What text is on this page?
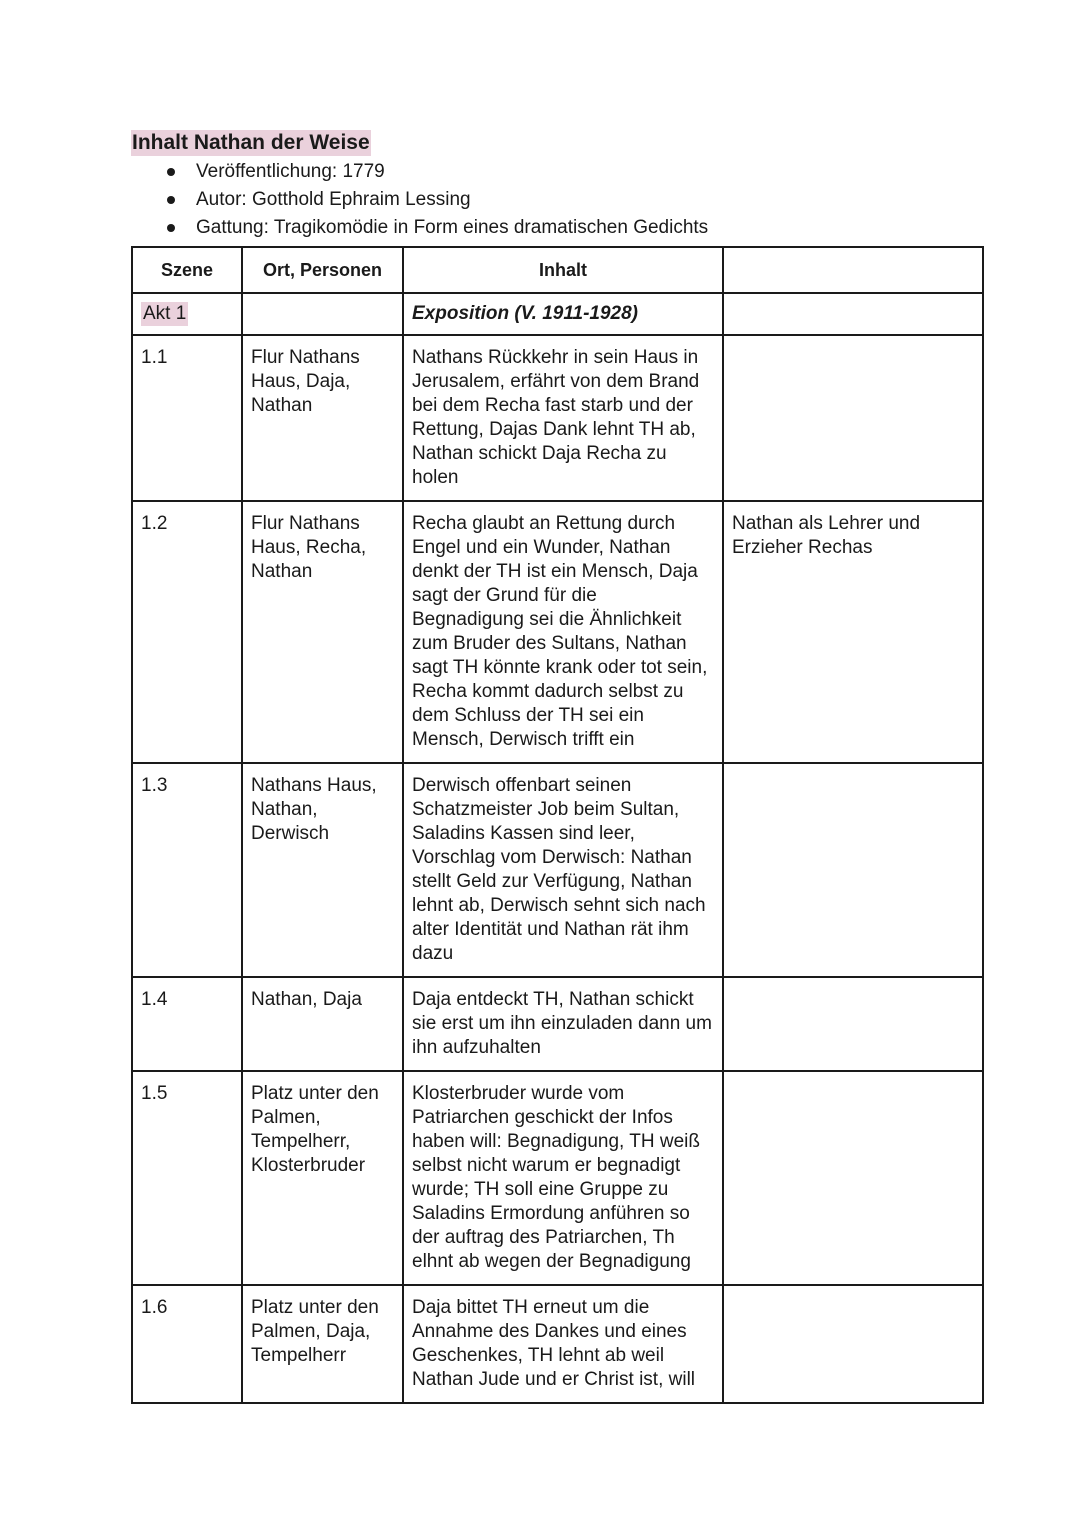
Inhalt Nathan der Weise
Veröffentlichung: 1779
Autor: Gotthold Ephraim Lessing
Gattung: Tragikomödie in Form eines dramatischen Gedichts
Szene	Ort, Personen	Inhalt	
Akt 1		Exposition (V. 1911-1928)	
1.1	Flur Nathans Haus, Daja, Nathan	Nathans Rückkehr in sein Haus in Jerusalem, erfährt von dem Brand bei dem Recha fast starb und der Rettung, Dajas Dank lehnt TH ab, Nathan schickt Daja Recha zu holen	
1.2	Flur Nathans Haus, Recha, Nathan	Recha glaubt an Rettung durch Engel und ein Wunder, Nathan denkt der TH ist ein Mensch, Daja sagt der Grund für die Begnadigung sei die Ähnlichkeit zum Bruder des Sultans, Nathan sagt TH könnte krank oder tot sein, Recha kommt dadurch selbst zu dem Schluss der TH sei ein Mensch, Derwisch trifft ein	Nathan als Lehrer und Erzieher Rechas
1.3	Nathans Haus, Nathan, Derwisch	Derwisch offenbart seinen Schatzmeister Job beim Sultan, Saladins Kassen sind leer, Vorschlag vom Derwisch: Nathan stellt Geld zur Verfügung, Nathan lehnt ab, Derwisch sehnt sich nach alter Identität und Nathan rät ihm dazu	
1.4	Nathan, Daja	Daja entdeckt TH, Nathan schickt sie erst um ihn einzuladen dann um ihn aufzuhalten	
1.5	Platz unter den Palmen, Tempelherr, Klosterbruder	Klosterbruder wurde vom Patriarchen geschickt der Infos haben will: Begnadigung, TH weiß selbst nicht warum er begnadigt wurde; TH soll eine Gruppe zu Saladins Ermordung anführen so der auftrag des Patriarchen, Th elhnt ab wegen der Begnadigung	
1.6	Platz unter den Palmen, Daja, Tempelherr	Daja bittet TH erneut um die Annahme des Dankes und eines Geschenkes, TH lehnt ab weil Nathan Jude und er Christ ist, will	
